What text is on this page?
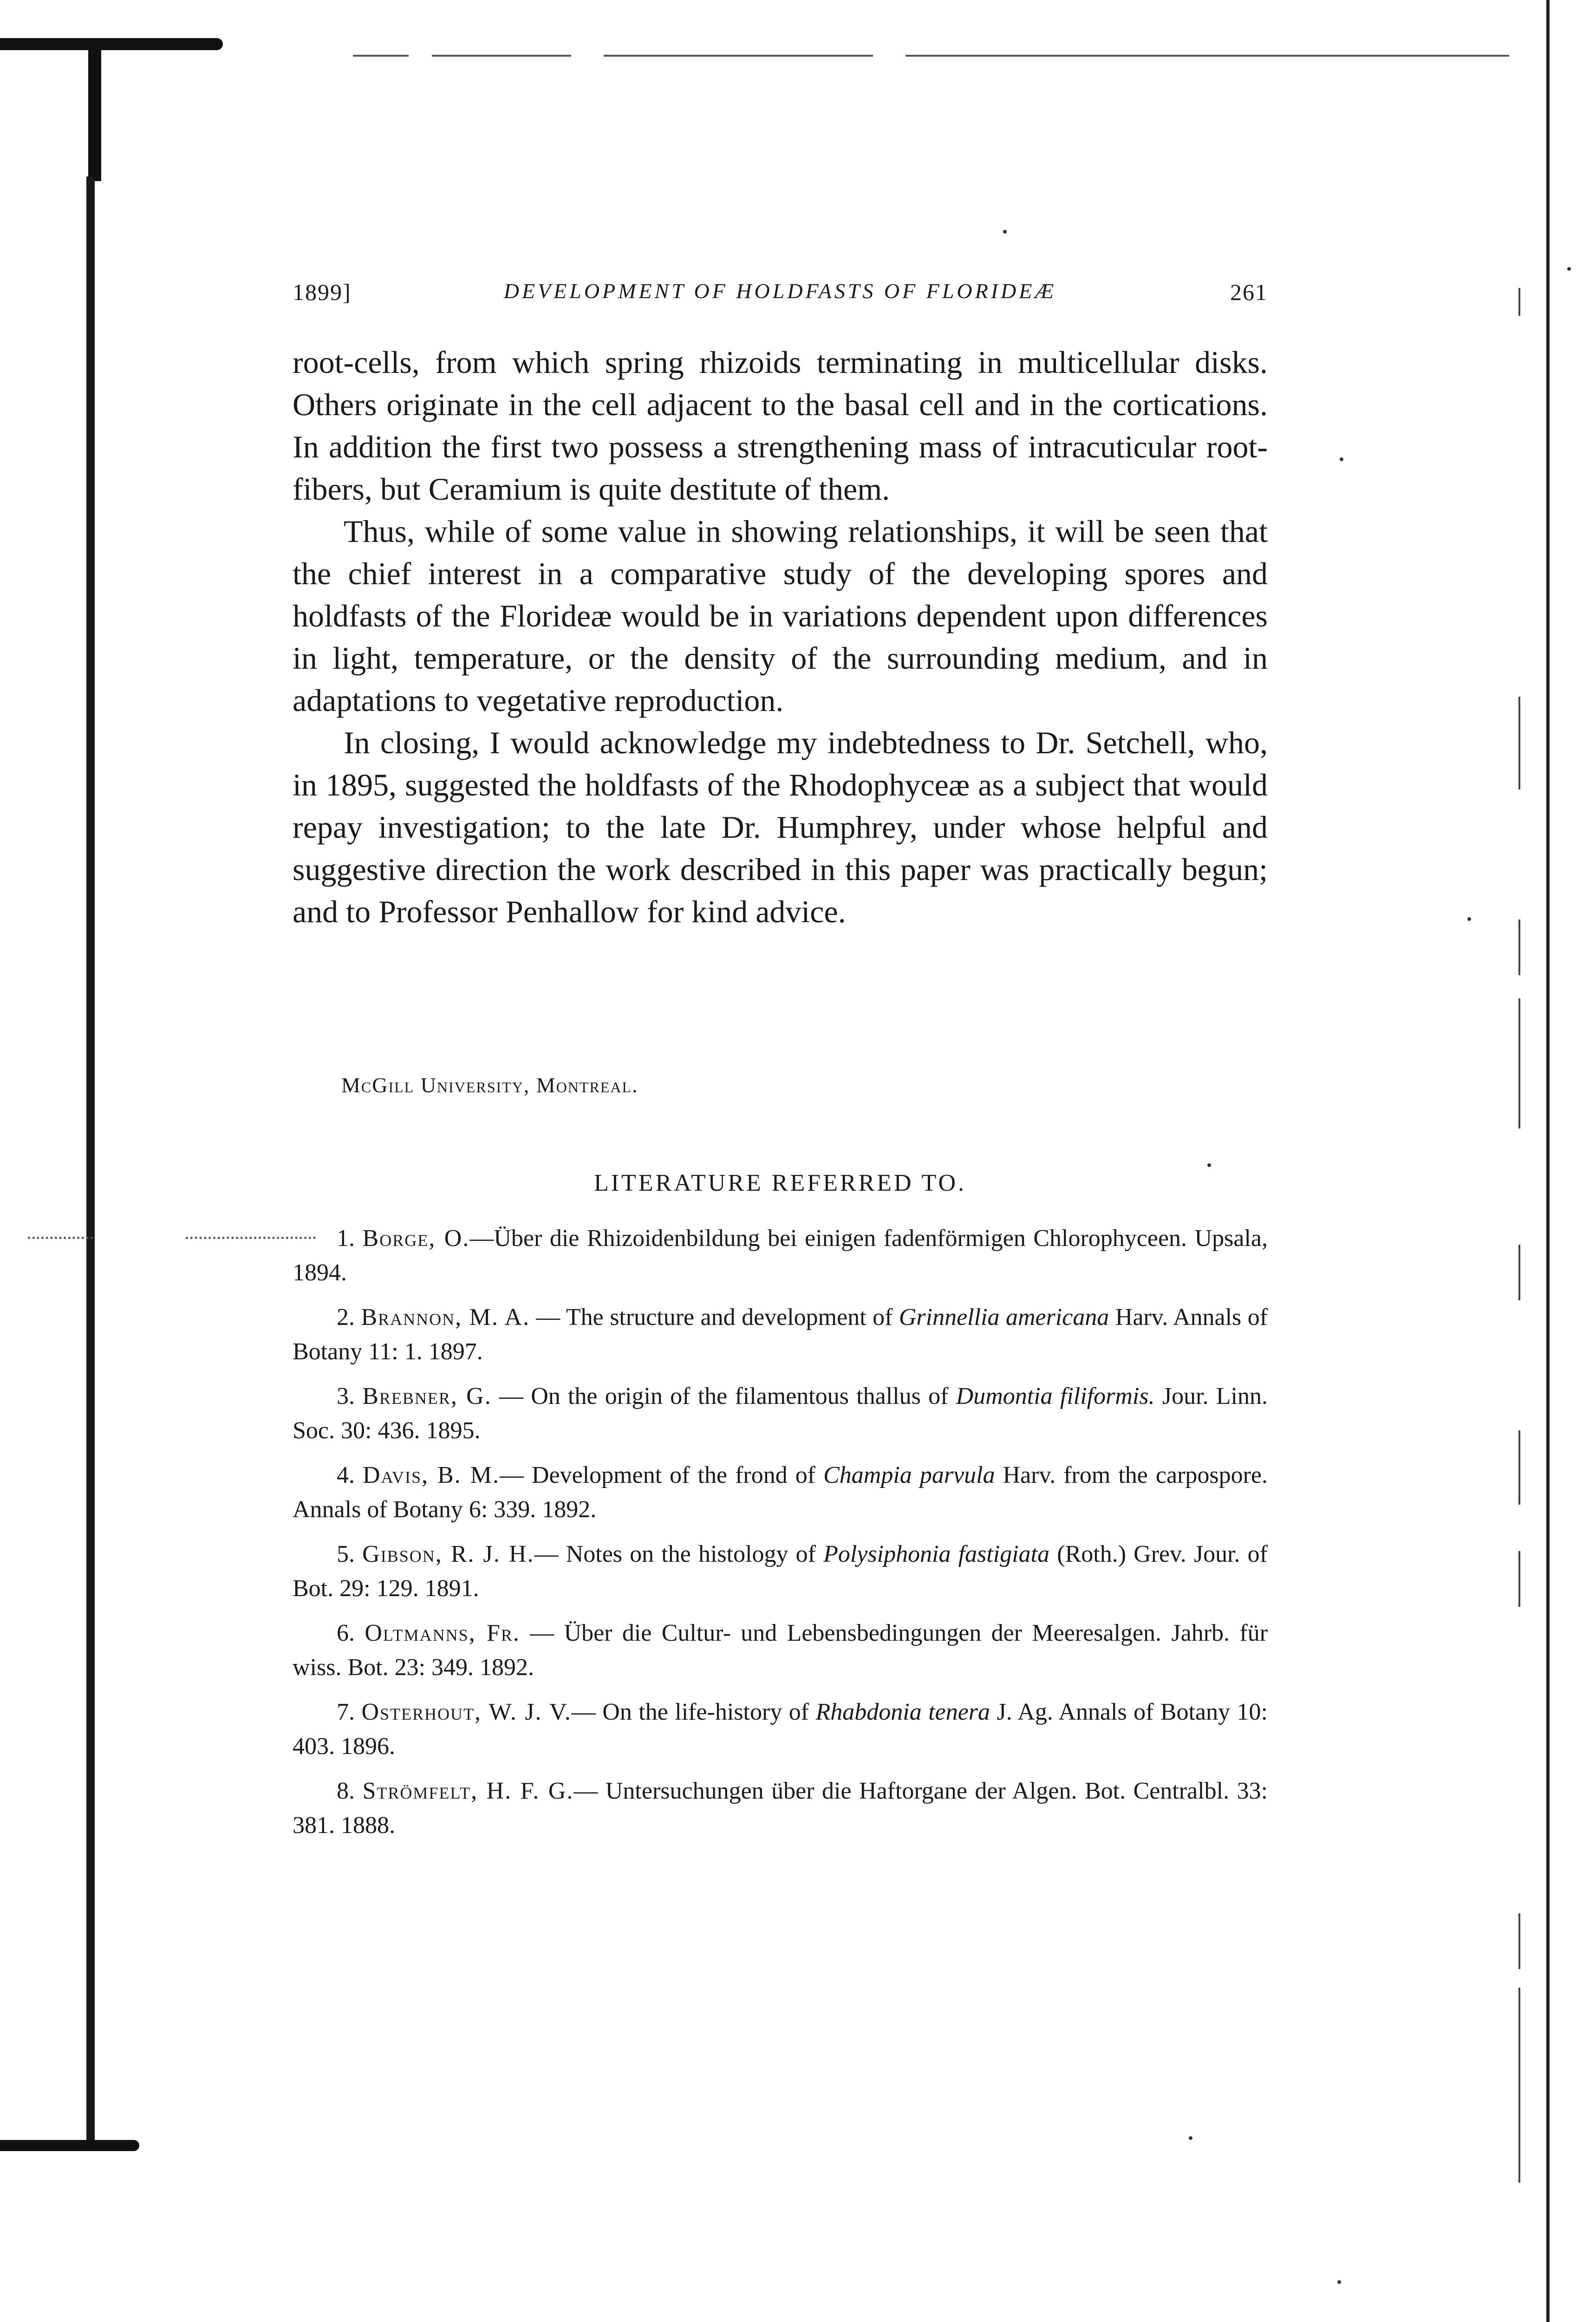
1899]	DEVELOPMENT OF HOLDFASTS OF FLORIDEÆ	261

root-cells, from which spring rhizoids terminating in multicellular disks. Others originate in the cell adjacent to the basal cell and in the cortications. In addition the first two possess a strengthening mass of intracuticular root-fibers, but Ceramium is quite destitute of them.

Thus, while of some value in showing relationships, it will be seen that the chief interest in a comparative study of the developing spores and holdfasts of the Florideæ would be in variations dependent upon differences in light, temperature, or the density of the surrounding medium, and in adaptations to vegetative reproduction.

In closing, I would acknowledge my indebtedness to Dr. Setchell, who, in 1895, suggested the holdfasts of the Rhodophyceæ as a subject that would repay investigation; to the late Dr. Humphrey, under whose helpful and suggestive direction the work described in this paper was practically begun; and to Professor Penhallow for kind advice.

McGill University, Montreal.
LITERATURE REFERRED TO.

1. Borge, O.—Über die Rhizoidenbildung bei einigen fadenförmigen Chlorophyceen. Upsala, 1894.

2. Brannon, M. A. — The structure and development of Grinnellia americana Harv. Annals of Botany 11: 1. 1897.

3. Brebner, G. — On the origin of the filamentous thallus of Dumontia filiformis. Jour. Linn. Soc. 30: 436. 1895.

4. Davis, B. M.— Development of the frond of Champia parvula Harv. from the carpospore. Annals of Botany 6: 339. 1892.

5. Gibson, R. J. H.— Notes on the histology of Polysiphonia fastigiata (Roth.) Grev. Jour. of Bot. 29: 129. 1891.

6. Oltmanns, Fr. — Über die Cultur- und Lebensbedingungen der Meeresalgen. Jahrb. für wiss. Bot. 23: 349. 1892.

7. Osterhout, W. J. V.— On the life-history of Rhabdonia tenera J. Ag. Annals of Botany 10: 403. 1896.

8. Strömfelt, H. F. G.— Untersuchungen über die Haftorgane der Algen. Bot. Centralbl. 33: 381. 1888.
